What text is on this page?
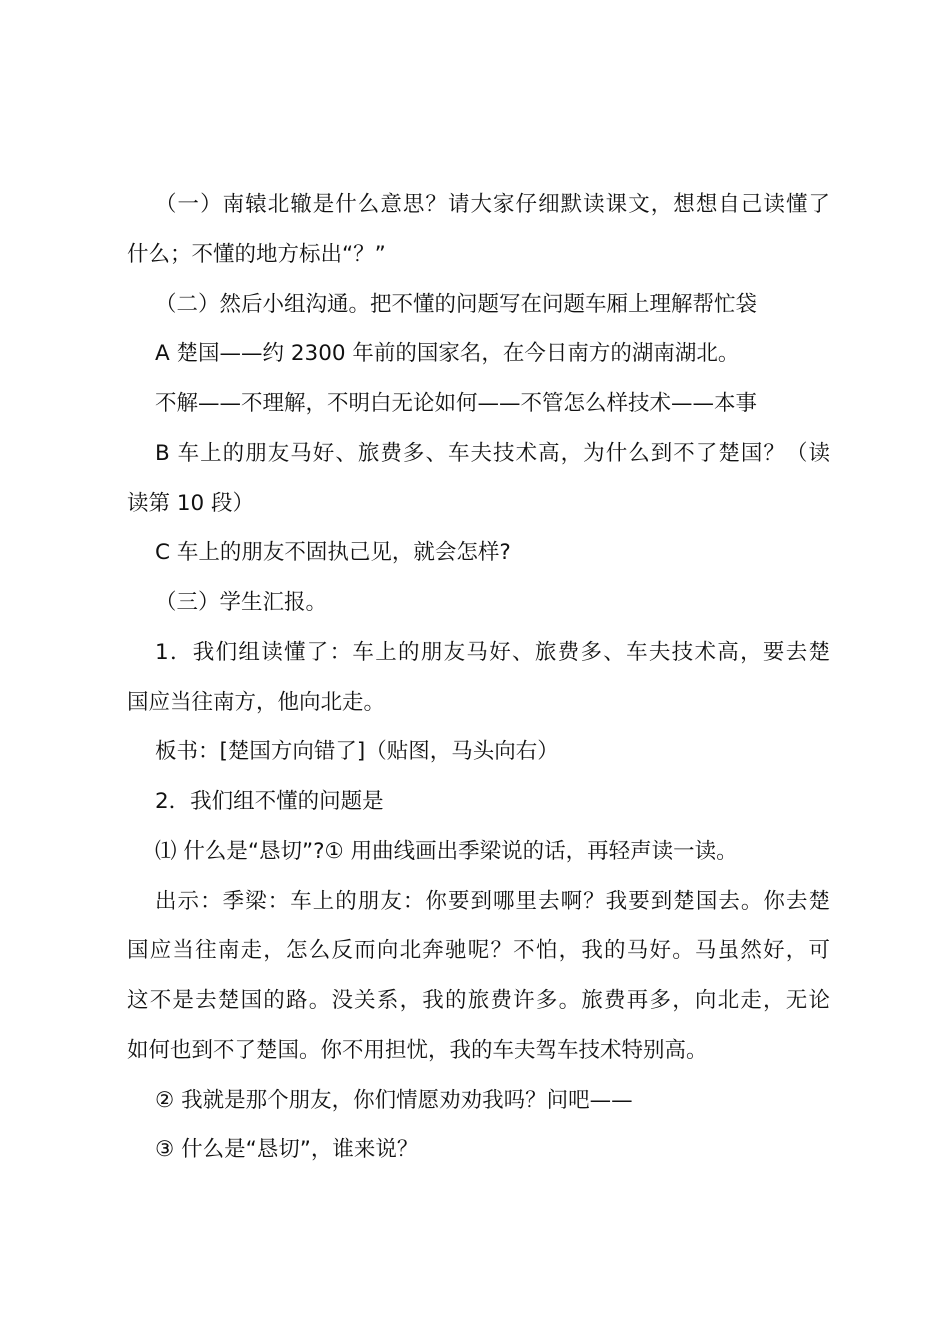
（一）南辕北辙是什么意思？请大家仔细默读课文，想想自己读懂了
什么；不懂的地方标出“？”
（二）然后小组沟通。把不懂的问题写在问题车厢上理解帮忙袋
A 楚国——约 2300 年前的国家名，在今日南方的湖南湖北。
不解——不理解，不明白无论如何——不管怎么样技术——本事
B 车上的朋友马好、旅费多、车夫技术高，为什么到不了楚国？（读
读第 10 段）
C 车上的朋友不固执己见，就会怎样?
（三）学生汇报。
1．我们组读懂了：车上的朋友马好、旅费多、车夫技术高，要去楚
国应当往南方，他向北走。
板书：[楚国方向错了]（贴图，马头向右）
2．我们组不懂的问题是
⑴ 什么是“恳切”?① 用曲线画出季梁说的话，再轻声读一读。
出示：季梁：车上的朋友：你要到哪里去啊？我要到楚国去。你去楚
国应当往南走，怎么反而向北奔驰呢？不怕，我的马好。马虽然好，可
这不是去楚国的路。没关系，我的旅费许多。旅费再多，向北走，无论
如何也到不了楚国。你不用担忧，我的车夫驾车技术特别高。
② 我就是那个朋友，你们情愿劝劝我吗？问吧——
③ 什么是“恳切”，谁来说？
